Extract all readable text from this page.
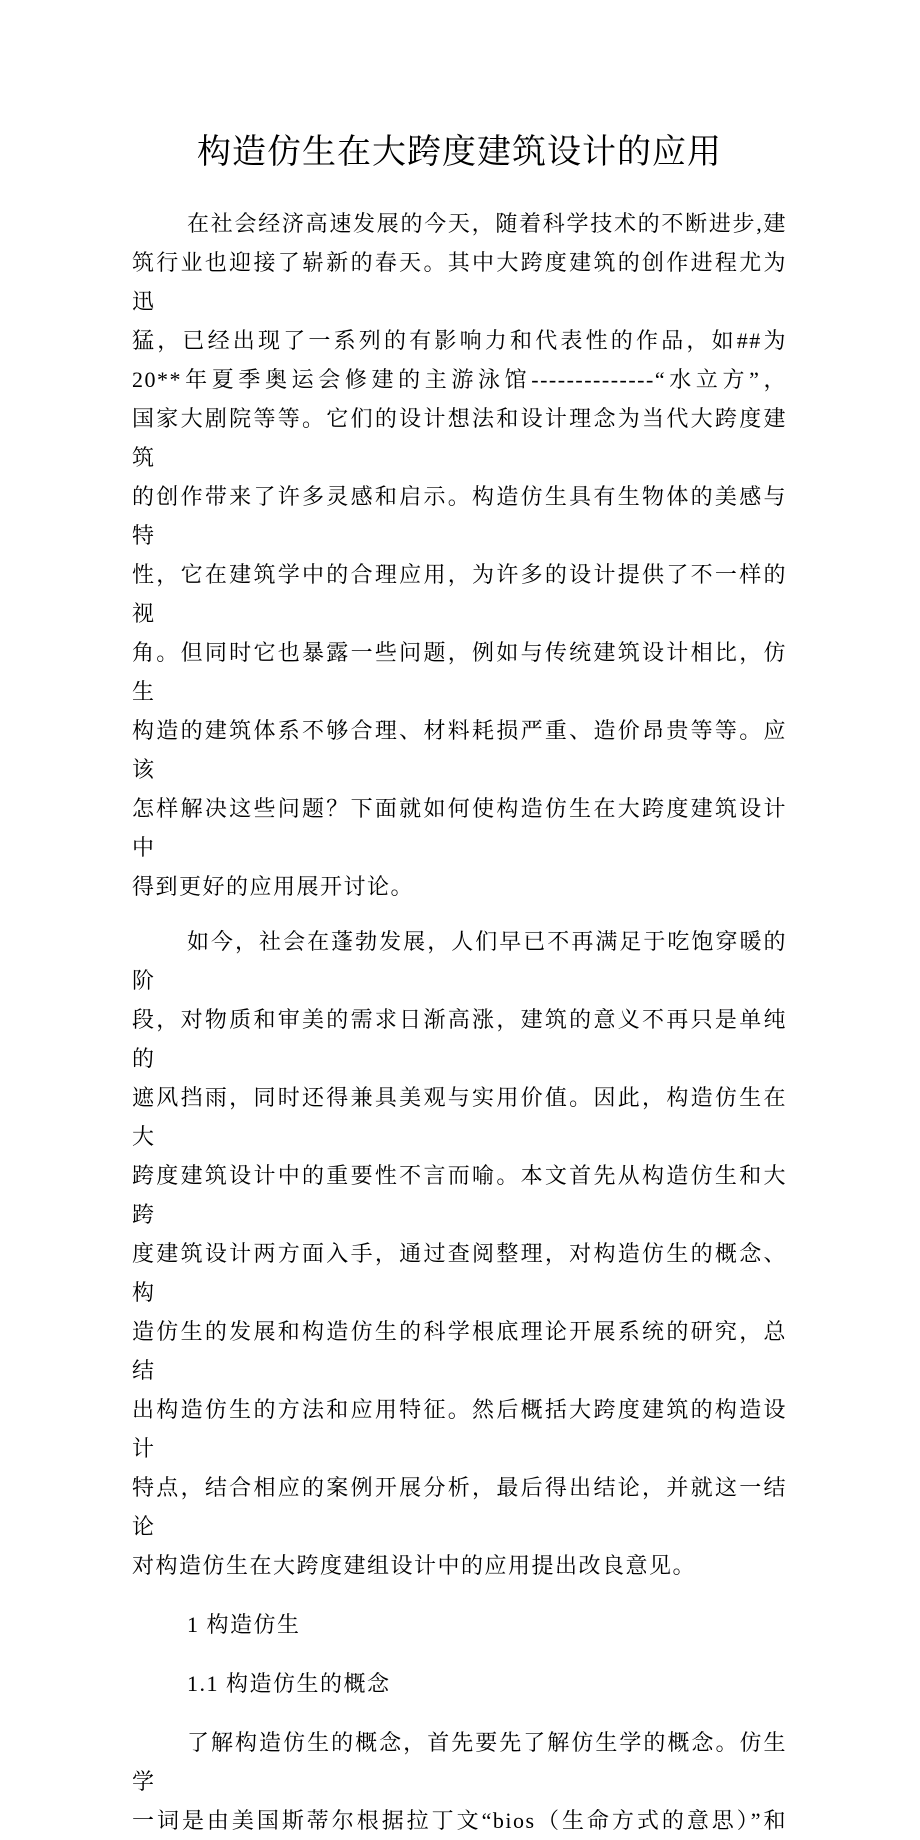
构造仿生在大跨度建筑设计的应用
在社会经济高速发展的今天，随着科学技术的不断进步,建
筑行业也迎接了崭新的春天。其中大跨度建筑的创作进程尤为迅
猛，已经出现了一系列的有影响力和代表性的作品，如##为
20**年夏季奥运会修建的主游泳馆--------------“水立方”，
国家大剧院等等。它们的设计想法和设计理念为当代大跨度建筑
的创作带来了许多灵感和启示。构造仿生具有生物体的美感与特
性，它在建筑学中的合理应用，为许多的设计提供了不一样的视
角。但同时它也暴露一些问题，例如与传统建筑设计相比，仿生
构造的建筑体系不够合理、材料耗损严重、造价昂贵等等。应该
怎样解决这些问题？下面就如何使构造仿生在大跨度建筑设计中
得到更好的应用展开讨论。
如今，社会在蓬勃发展，人们早已不再满足于吃饱穿暖的阶
段，对物质和审美的需求日渐高涨，建筑的意义不再只是单纯的
遮风挡雨，同时还得兼具美观与实用价值。因此，构造仿生在大
跨度建筑设计中的重要性不言而喻。本文首先从构造仿生和大跨
度建筑设计两方面入手，通过查阅整理，对构造仿生的概念、构
造仿生的发展和构造仿生的科学根底理论开展系统的研究，总结
出构造仿生的方法和应用特征。然后概括大跨度建筑的构造设计
特点，结合相应的案例开展分析，最后得出结论，并就这一结论
对构造仿生在大跨度建组设计中的应用提出改良意见。
1 构造仿生
1.1 构造仿生的概念
了解构造仿生的概念，首先要先了解仿生学的概念。仿生学
一词是由美国斯蒂尔根据拉丁文“bios（生命方式的意思）”和
